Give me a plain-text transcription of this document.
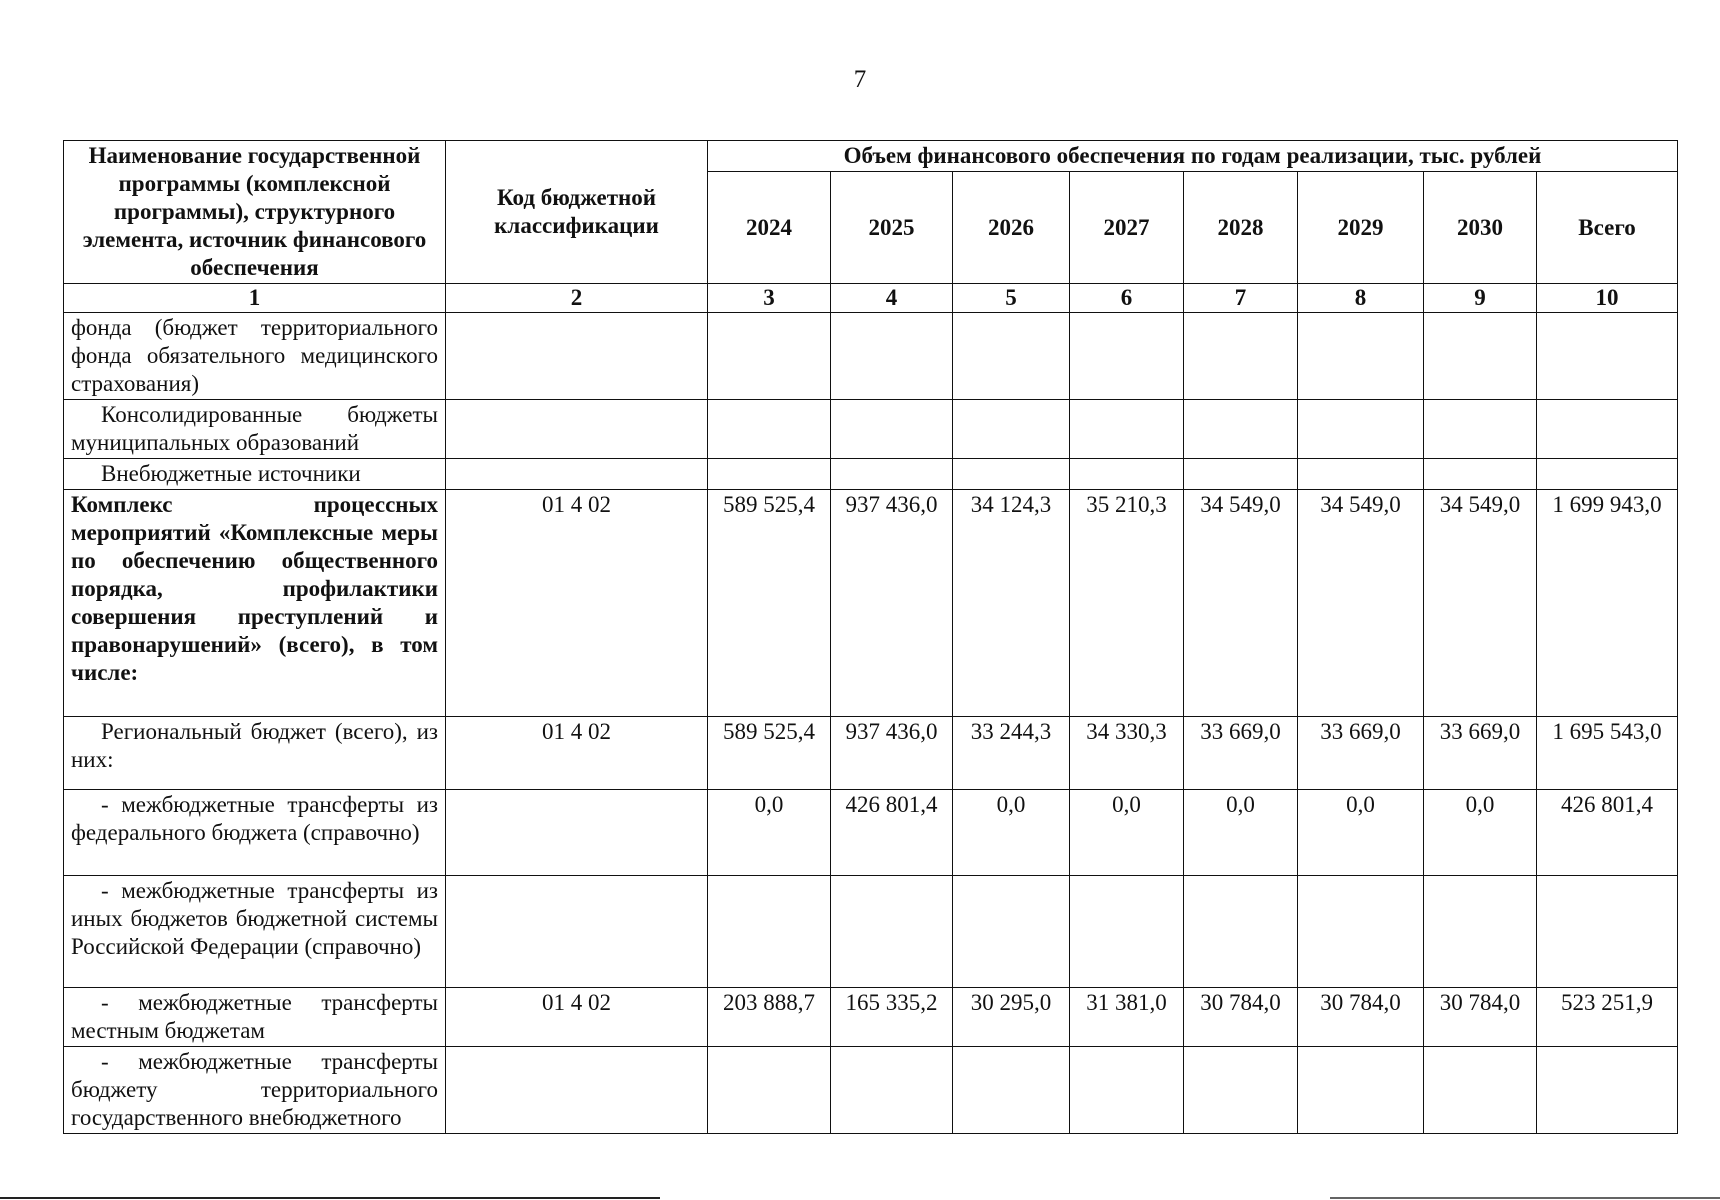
7
Наименование государственной программы (комплексной программы), структурного элемента, источник финансового обеспечения	Код бюджетной классификации	Объем финансового обеспечения по годам реализации, тыс. рублей							
		2024	2025	2026	2027	2028	2029	2030	Всего
1	2	3	4	5	6	7	8	9	10
фонда (бюджет территориального фонда обязательного медицинского страхования)									
Консолидированные бюджеты муниципальных образований									
Внебюджетные источники									
Комплекс процессных мероприятий «Комплексные меры по обеспечению общественного порядка, профилактики совершения преступлений и правонарушений» (всего), в том числе:	01 4 02	589 525,4	937 436,0	34 124,3	35 210,3	34 549,0	34 549,0	34 549,0	1 699 943,0
Региональный бюджет (всего), из них:	01 4 02	589 525,4	937 436,0	33 244,3	34 330,3	33 669,0	33 669,0	33 669,0	1 695 543,0
- межбюджетные трансферты из федерального бюджета (справочно)		0,0	426 801,4	0,0	0,0	0,0	0,0	0,0	426 801,4
- межбюджетные трансферты из иных бюджетов бюджетной системы Российской Федерации (справочно)									
- межбюджетные трансферты местным бюджетам	01 4 02	203 888,7	165 335,2	30 295,0	31 381,0	30 784,0	30 784,0	30 784,0	523 251,9
- межбюджетные трансферты бюджету территориального государственного внебюджетного									
